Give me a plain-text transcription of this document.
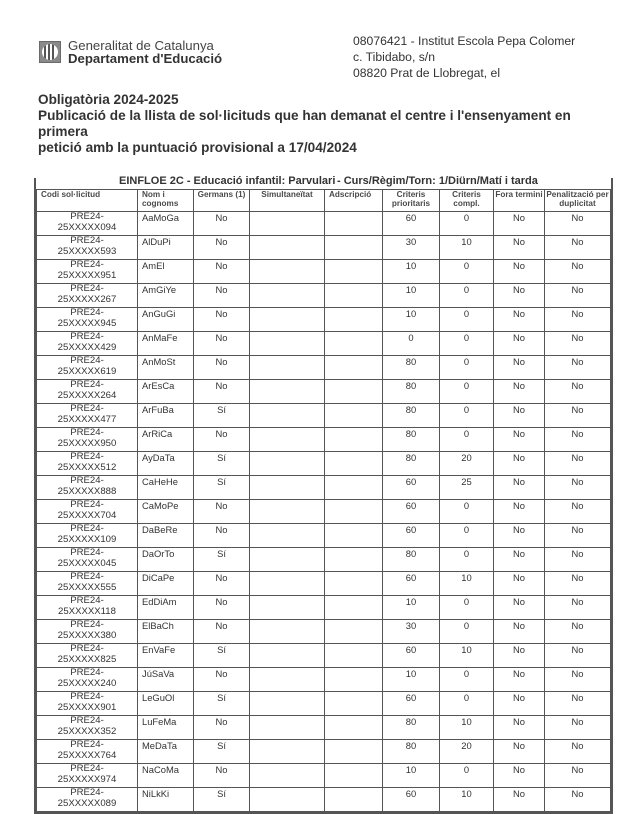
Generalitat de Catalunya
Departament d'Educació
08076421 - Institut Escola Pepa Colomer
c. Tibidabo, s/n
08820 Prat de Llobregat, el
Obligatòria 2024-2025
Publicació de la llista de sol·licituds que han demanat el centre i l'ensenyament en primera
petició amb la puntuació provisional a 17/04/2024
EINFLOE 2C - Educació infantil: Parvulari - Curs/Règim/Torn: 1/Diürn/Matí i tarda
Codi sol·licitud	Nom i cognoms	Germans (1)	Simultaneïtat	Adscripció	Criteris prioritaris	Criteris compl.	Fora termini	Penalització per duplicitat

PRE24-
25XXXXX094	AaMoGa	No			60	0	No	No

PRE24-
25XXXXX593	AlDuPi	No			30	10	No	No

PRE24-
25XXXXX951	AmEl	No			10	0	No	No

PRE24-
25XXXXX267	AmGiYe	No			10	0	No	No

PRE24-
25XXXXX945	AnGuGi	No			10	0	No	No

PRE24-
25XXXXX429	AnMaFe	No			0	0	No	No

PRE24-
25XXXXX619	AnMoSt	No			80	0	No	No

PRE24-
25XXXXX264	ArEsCa	No			80	0	No	No

PRE24-
25XXXXX477	ArFuBa	Sí			80	0	No	No

PRE24-
25XXXXX950	ArRiCa	No			80	0	No	No

PRE24-
25XXXXX512	AyDaTa	Sí			80	20	No	No

PRE24-
25XXXXX888	CaHeHe	Sí			60	25	No	No

PRE24-
25XXXXX704	CaMoPe	No			60	0	No	No

PRE24-
25XXXXX109	DaBeRe	No			60	0	No	No

PRE24-
25XXXXX045	DaOrTo	Sí			80	0	No	No

PRE24-
25XXXXX555	DiCaPe	No			60	10	No	No

PRE24-
25XXXXX118	EdDiAm	No			10	0	No	No

PRE24-
25XXXXX380	ElBaCh	No			30	0	No	No

PRE24-
25XXXXX825	EnVaFe	Sí			60	10	No	No

PRE24-
25XXXXX240	JúSaVa	No			10	0	No	No

PRE24-
25XXXXX901	LeGuOl	Sí			60	0	No	No

PRE24-
25XXXXX352	LuFeMa	No			80	10	No	No

PRE24-
25XXXXX764	MeDaTa	Sí			80	20	No	No

PRE24-
25XXXXX974	NaCoMa	No			10	0	No	No

PRE24-
25XXXXX089	NiLkKi	Sí			60	10	No	No
